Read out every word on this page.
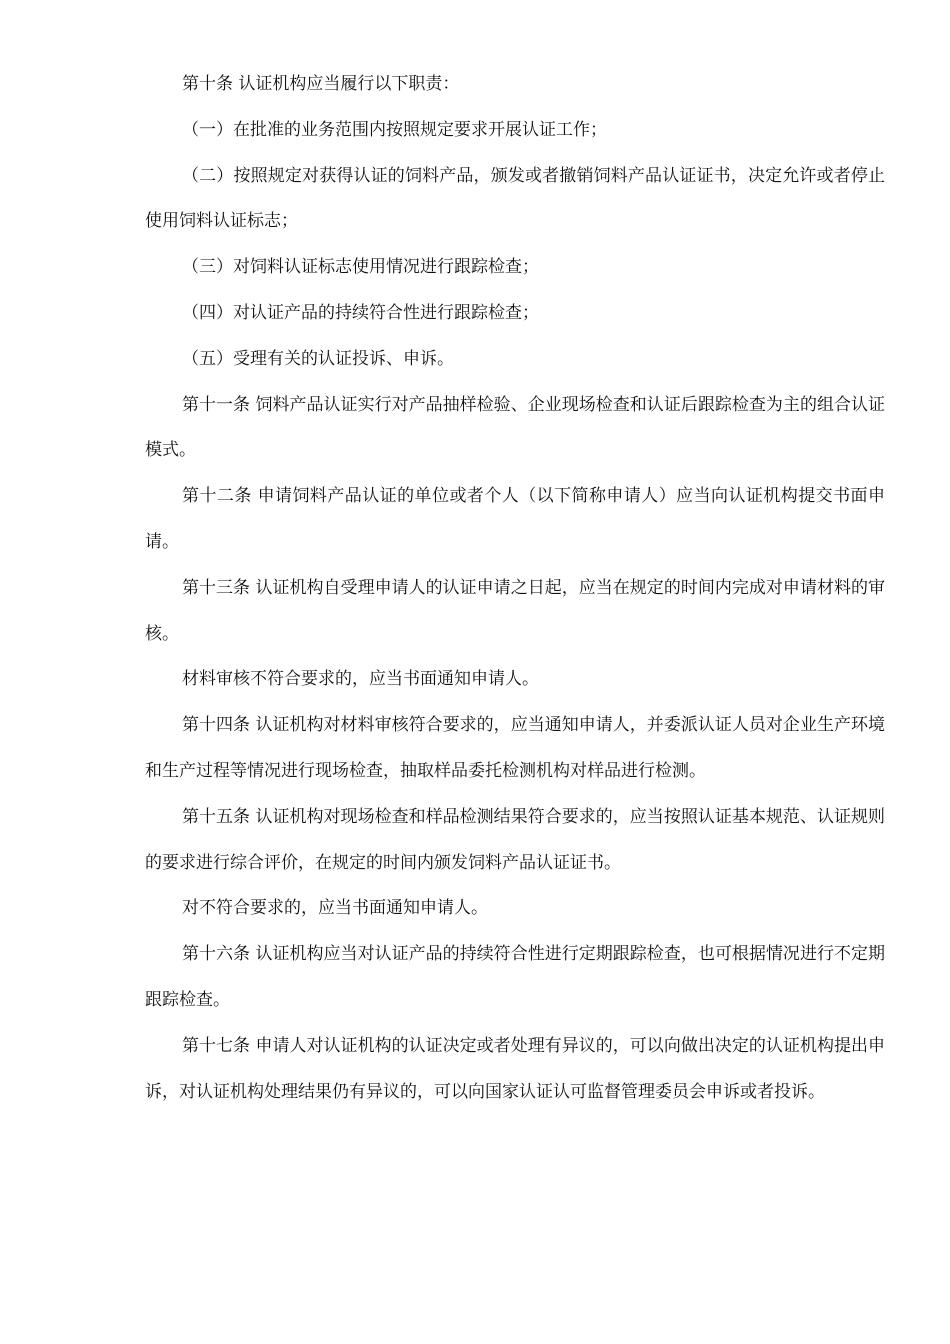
第十条 认证机构应当履行以下职责：

（一）在批准的业务范围内按照规定要求开展认证工作；

（二）按照规定对获得认证的饲料产品，颁发或者撤销饲料产品认证证书，决定允许或者停止使用饲料认证标志；

（三）对饲料认证标志使用情况进行跟踪检查；

（四）对认证产品的持续符合性进行跟踪检查；

（五）受理有关的认证投诉、申诉。

第十一条 饲料产品认证实行对产品抽样检验、企业现场检查和认证后跟踪检查为主的组合认证模式。

第十二条 申请饲料产品认证的单位或者个人（以下简称申请人）应当向认证机构提交书面申请。

第十三条 认证机构自受理申请人的认证申请之日起，应当在规定的时间内完成对申请材料的审核。

材料审核不符合要求的，应当书面通知申请人。

第十四条 认证机构对材料审核符合要求的，应当通知申请人，并委派认证人员对企业生产环境和生产过程等情况进行现场检查，抽取样品委托检测机构对样品进行检测。

第十五条 认证机构对现场检查和样品检测结果符合要求的，应当按照认证基本规范、认证规则的要求进行综合评价，在规定的时间内颁发饲料产品认证证书。

对不符合要求的，应当书面通知申请人。

第十六条 认证机构应当对认证产品的持续符合性进行定期跟踪检查，也可根据情况进行不定期跟踪检查。

第十七条 申请人对认证机构的认证决定或者处理有异议的，可以向做出决定的认证机构提出申诉，对认证机构处理结果仍有异议的，可以向国家认证认可监督管理委员会申诉或者投诉。
